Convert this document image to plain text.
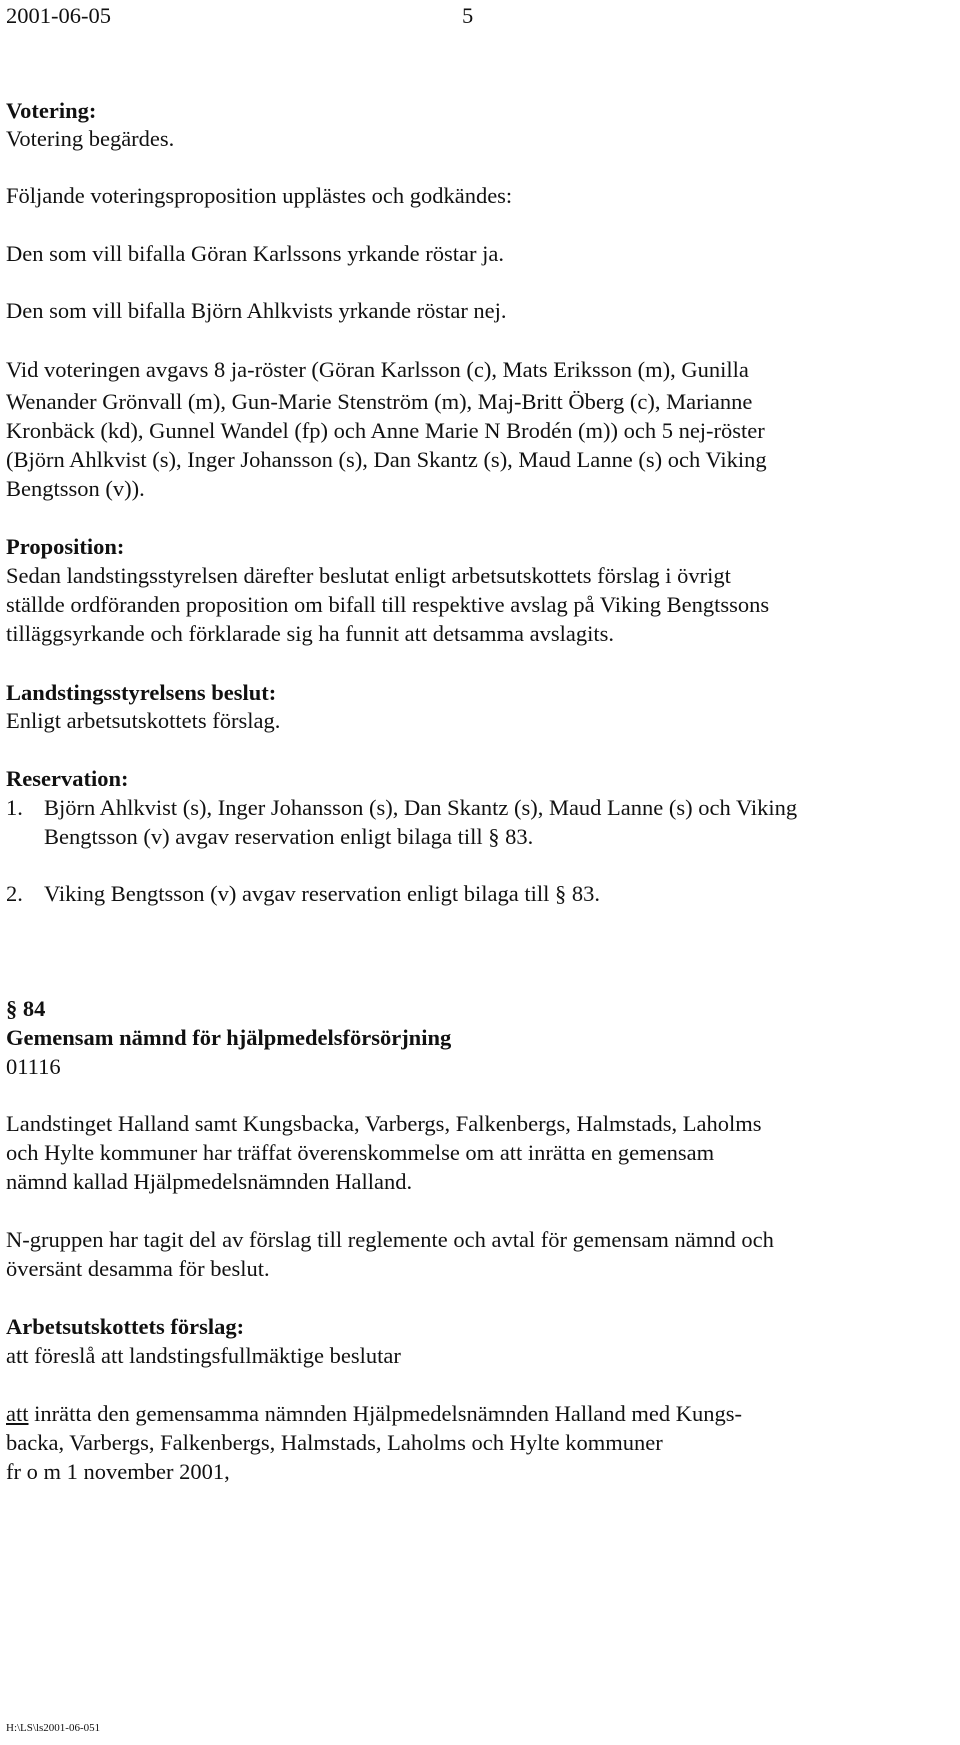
2001-06-05	5
Votering:
Votering begärdes.
Följande voteringsproposition upplästes och godkändes:
Den som vill bifalla Göran Karlssons yrkande röstar ja.
Den som vill bifalla Björn Ahlkvists yrkande röstar nej.
Vid voteringen avgavs 8 ja-röster (Göran Karlsson (c), Mats Eriksson (m), Gunilla
Wenander Grönvall (m), Gun-Marie Stenström (m), Maj-Britt Öberg (c), Marianne
Kronbäck (kd), Gunnel Wandel (fp) och Anne Marie N Brodén (m)) och 5 nej-röster
(Björn Ahlkvist (s), Inger Johansson (s), Dan Skantz (s), Maud Lanne (s) och Viking
Bengtsson (v)).
Proposition:
Sedan landstingsstyrelsen därefter beslutat enligt arbetsutskottets förslag i övrigt
ställde ordföranden proposition om bifall till respektive avslag på Viking Bengtssons
tilläggsyrkande och förklarade sig ha funnit att detsamma avslagits.
Landstingsstyrelsens beslut:
Enligt arbetsutskottets förslag.
Reservation:
1. Björn Ahlkvist (s), Inger Johansson (s), Dan Skantz (s), Maud Lanne (s) och Viking
Bengtsson (v) avgav reservation enligt bilaga till § 83.
2. Viking Bengtsson (v) avgav reservation enligt bilaga till § 83.
§ 84
Gemensam nämnd för hjälpmedelsförsörjning
01116
Landstinget Halland samt Kungsbacka, Varbergs, Falkenbergs, Halmstads, Laholms
och Hylte kommuner har träffat överenskommelse om att inrätta en gemensam
nämnd kallad Hjälpmedelsnämnden Halland.
N-gruppen har tagit del av förslag till reglemente och avtal för gemensam nämnd och
översänt desamma för beslut.
Arbetsutskottets förslag:
att föreslå att landstingsfullmäktige beslutar
att inrätta den gemensamma nämnden Hjälpmedelsnämnden Halland med Kungs-
backa, Varbergs, Falkenbergs, Halmstads, Laholms och Hylte kommuner
fr o m 1 november 2001,
H:\LS\ls2001-06-051
